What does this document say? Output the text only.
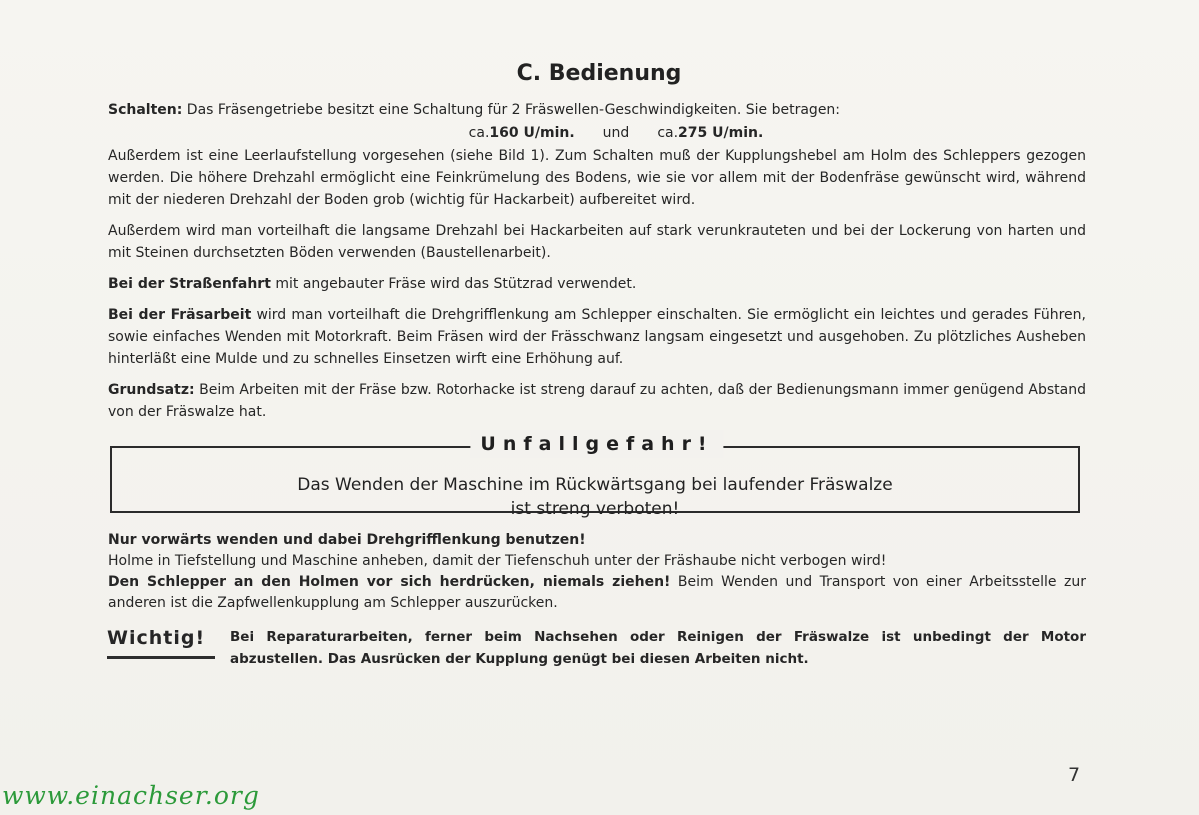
C. Bedienung

Schalten: Das Fräsengetriebe besitzt eine Schaltung für 2 Fräswellen-Geschwindigkeiten. Sie betragen:

ca.160 U/min. und ca.275 U/min.

Außerdem ist eine Leerlaufstellung vorgesehen (siehe Bild 1). Zum Schalten muß der Kupplungshebel am Holm des Schleppers gezogen werden. Die höhere Drehzahl ermöglicht eine Feinkrümelung des Bodens, wie sie vor allem mit der Bodenfräse gewünscht wird, während mit der niederen Drehzahl der Boden grob (wichtig für Hackarbeit) aufbereitet wird.

Außerdem wird man vorteilhaft die langsame Drehzahl bei Hackarbeiten auf stark verunkrauteten und bei der Lockerung von harten und mit Steinen durchsetzten Böden verwenden (Baustellenarbeit).

Bei der Straßenfahrt mit angebauter Fräse wird das Stützrad verwendet.

Bei der Fräsarbeit wird man vorteilhaft die Drehgrifflenkung am Schlepper einschalten. Sie ermöglicht ein leichtes und gerades Führen, sowie einfaches Wenden mit Motorkraft. Beim Fräsen wird der Frässchwanz langsam eingesetzt und ausgehoben. Zu plötzliches Ausheben hinterläßt eine Mulde und zu schnelles Einsetzen wirft eine Erhöhung auf.

Grundsatz: Beim Arbeiten mit der Fräse bzw. Rotorhacke ist streng darauf zu achten, daß der Bedienungsmann immer genügend Abstand von der Fräswalze hat.

Das Wenden der Maschine im Rückwärtsgang bei laufender Fräswalze
ist streng verboten!
Unfallgefahr!
Nur vorwärts wenden und dabei Drehgrifflenkung benutzen!
Holme in Tiefstellung und Maschine anheben, damit der Tiefenschuh unter der Fräshaube nicht verbogen wird!
Den Schlepper an den Holmen vor sich herdrücken, niemals ziehen! Beim Wenden und Transport von einer Arbeitsstelle zur anderen ist die Zapfwellenkupplung am Schlepper auszurücken.
Wichtig! Bei Reparaturarbeiten, ferner beim Nachsehen oder Reinigen der Fräswalze ist unbedingt der Motor abzustellen. Das Ausrücken der Kupplung genügt bei diesen Arbeiten nicht.
7
www.einachser.org
